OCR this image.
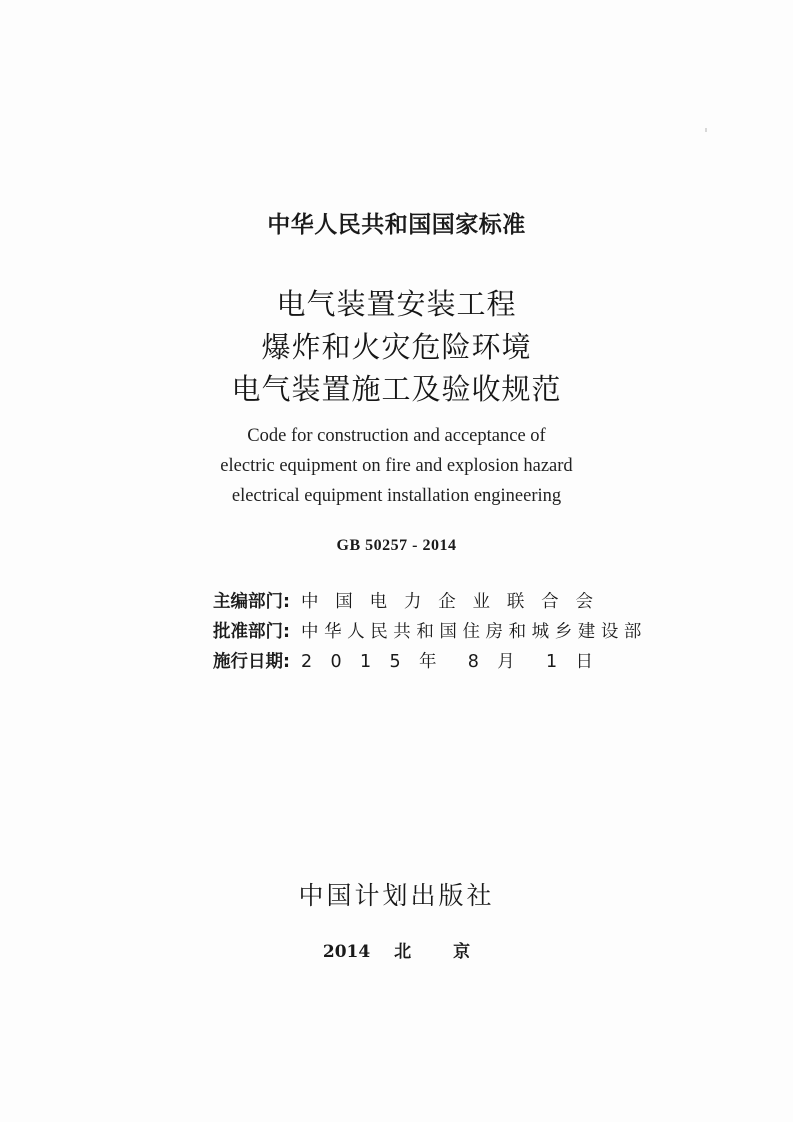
中华人民共和国国家标准
电气装置安装工程
爆炸和火灾危险环境
电气装置施工及验收规范
Code for construction and acceptance of
electric equipment on fire and explosion hazard
electrical equipment installation engineering
GB 50257 - 2014
主编部门: 中 国 电 力 企 业 联 合 会
批准部门: 中 华 人 民 共 和 国 住 房 和 城 乡 建 设 部
施行日期: 2 0 1 5 年 8 月 1 日
中国计划出版社
2014 北 京
